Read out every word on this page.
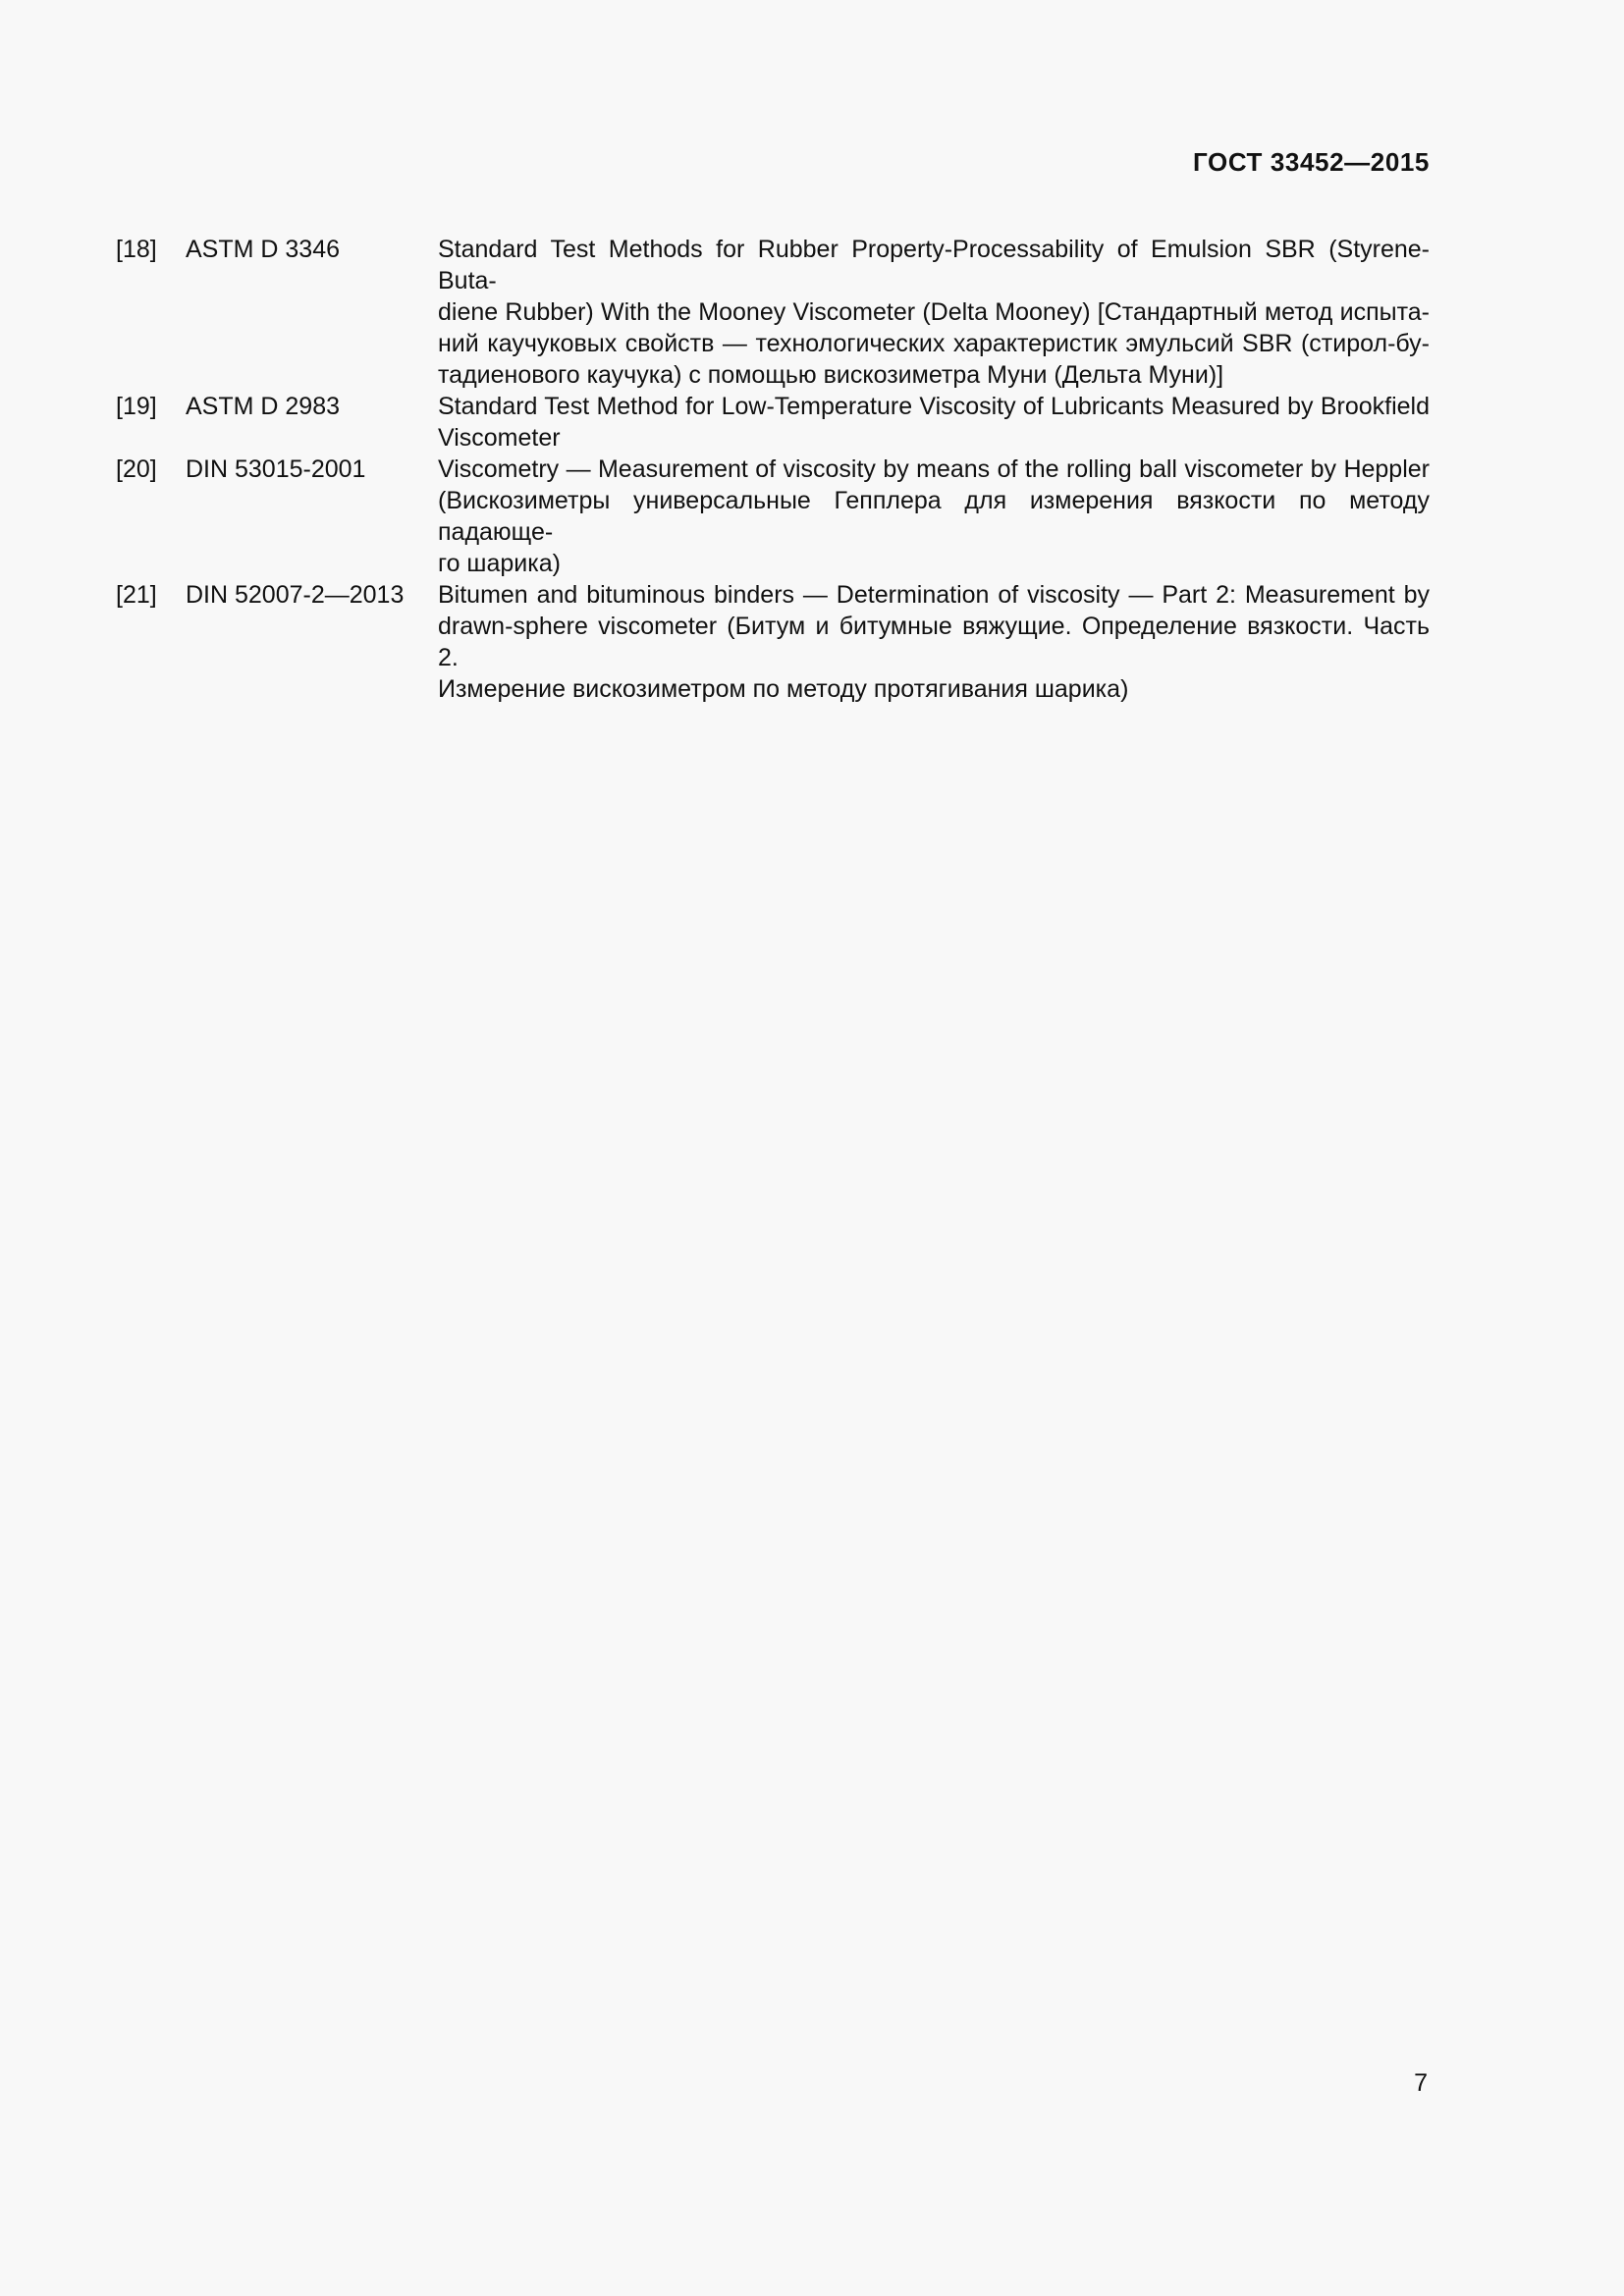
ГОСТ 33452—2015
[18]	ASTM D 3346	Standard Test Methods for Rubber Property-Processability of Emulsion SBR (Styrene-Buta-
diene Rubber) With the Mooney Viscometer (Delta Mooney) [Стандартный метод испыта-
ний каучуковых свойств — технологических характеристик эмульсий SBR (стирол-бу-
тадиенового каучука) с помощью вискозиметра Муни (Дельта Муни)]
[19]	ASTM D 2983	Standard Test Method for Low-Temperature Viscosity of Lubricants Measured by Brookfield
Viscometer
[20]	DIN 53015-2001	Viscometry — Measurement of viscosity by means of the rolling ball viscometer by Heppler
(Вискозиметры универсальные Гепплера для измерения вязкости по методу падающе-
го шарика)
[21]	DIN 52007-2—2013	Bitumen and bituminous binders — Determination of viscosity — Part 2: Measurement by
drawn-sphere viscometer (Битум и битумные вяжущие. Определение вязкости. Часть 2.
Измерение вискозиметром по методу протягивания шарика)
7
